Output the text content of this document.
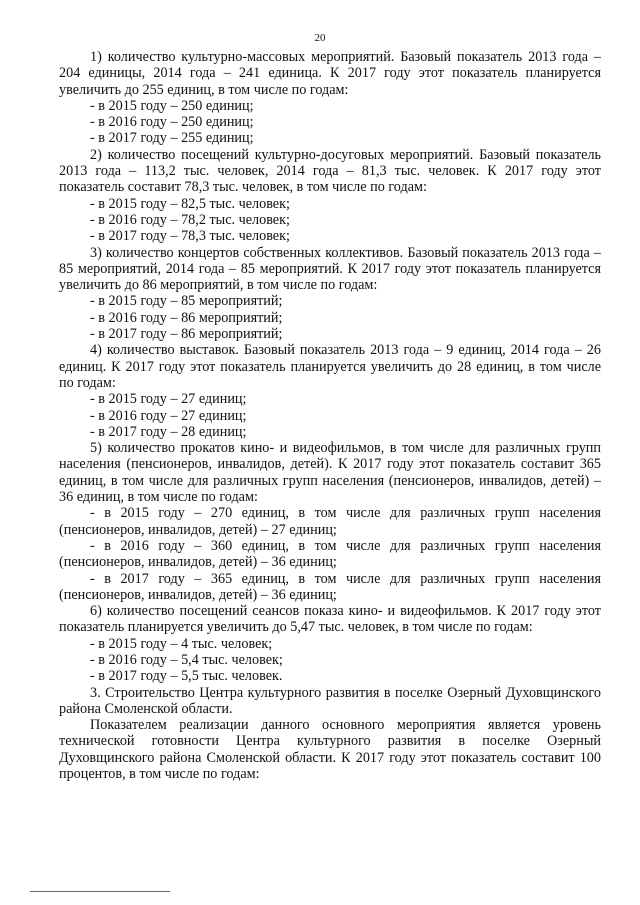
20

1) количество культурно-массовых мероприятий. Базовый показатель 2013 года – 204 единицы, 2014 года – 241 единица. К 2017 году этот показатель планируется увеличить до 255 единиц, в том числе по годам:

- в 2015 году – 250 единиц;

- в 2016 году – 250 единиц;

- в 2017 году – 255 единиц;

2) количество посещений культурно-досуговых мероприятий. Базовый показатель 2013 года – 113,2 тыс. человек, 2014 года – 81,3 тыс. человек. К 2017 году этот показатель составит 78,3 тыс. человек, в том числе по годам:

- в 2015 году – 82,5 тыс. человек;

- в 2016 году – 78,2 тыс. человек;

- в 2017 году – 78,3 тыс. человек;

3) количество концертов собственных коллективов. Базовый показатель 2013 года – 85 мероприятий, 2014 года – 85 мероприятий. К 2017 году этот показатель планируется увеличить до 86 мероприятий, в том числе по годам:

- в 2015 году – 85 мероприятий;

- в 2016 году – 86 мероприятий;

- в 2017 году – 86 мероприятий;

4) количество выставок. Базовый показатель 2013 года – 9 единиц, 2014 года – 26 единиц. К 2017 году этот показатель планируется увеличить до 28 единиц, в том числе по годам:

- в 2015 году – 27 единиц;

- в 2016 году – 27 единиц;

- в 2017 году – 28 единиц;

5) количество прокатов кино- и видеофильмов, в том числе для различных групп населения (пенсионеров, инвалидов, детей). К 2017 году этот показатель составит 365 единиц, в том числе для различных групп населения (пенсионеров, инвалидов, детей) – 36 единиц, в том числе по годам:

- в 2015 году – 270 единиц, в том числе для различных групп населения (пенсионеров, инвалидов, детей) – 27 единиц;

- в 2016 году – 360 единиц, в том числе для различных групп населения (пенсионеров, инвалидов, детей) – 36 единиц;

- в 2017 году – 365 единиц, в том числе для различных групп населения (пенсионеров, инвалидов, детей) – 36 единиц;

6) количество посещений сеансов показа кино- и видеофильмов. К 2017 году этот показатель планируется увеличить до 5,47 тыс. человек, в том числе по годам:

- в 2015 году – 4 тыс. человек;

- в 2016 году – 5,4 тыс. человек;

- в 2017 году – 5,5 тыс. человек.

3. Строительство Центра культурного развития в поселке Озерный Духовщинского района Смоленской области.

Показателем реализации данного основного мероприятия является уровень технической готовности Центра культурного развития в поселке Озерный Духовщинского района Смоленской области. К 2017 году этот показатель составит 100 процентов, в том числе по годам:
